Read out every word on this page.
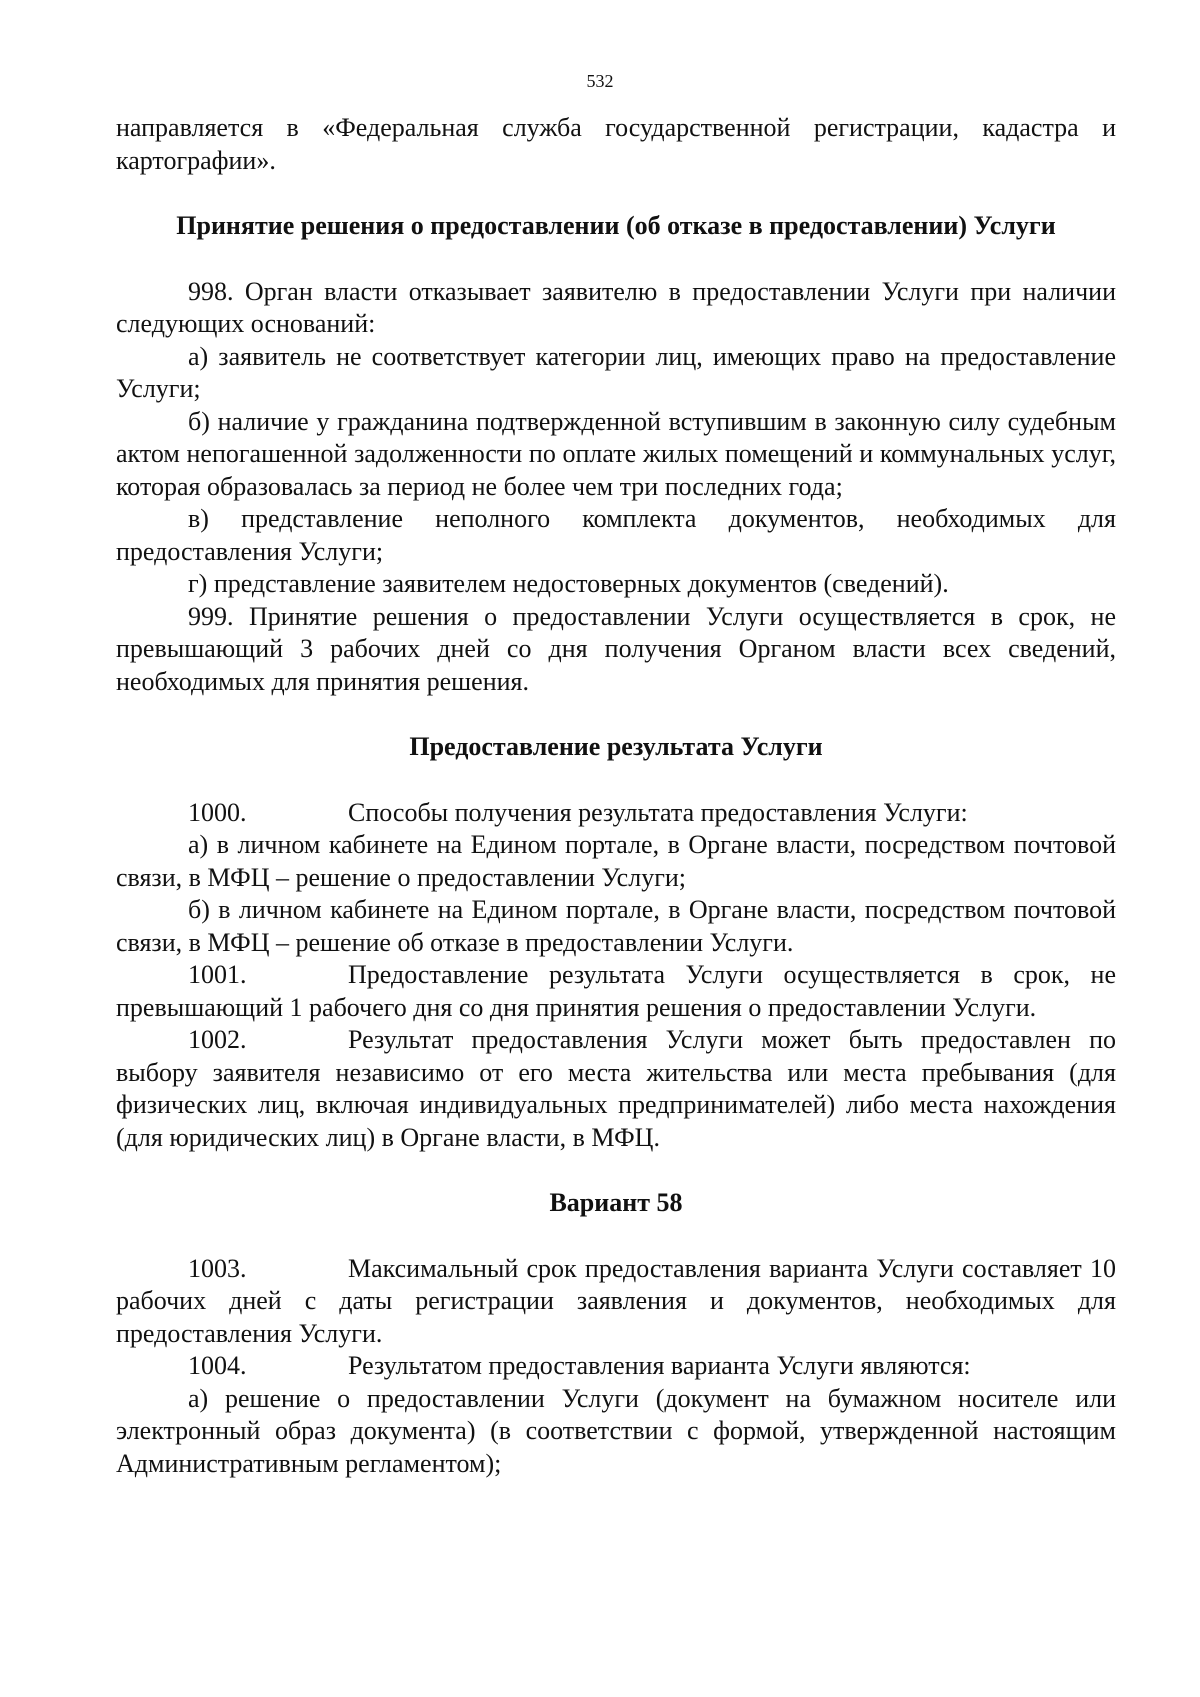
532

направляется в «Федеральная служба государственной регистрации, кадастра и картографии».

Принятие решения о предоставлении (об отказе в предоставлении) Услуги

998. Орган власти отказывает заявителю в предоставлении Услуги при наличии следующих оснований:

а) заявитель не соответствует категории лиц, имеющих право на предоставление Услуги;

б) наличие у гражданина подтвержденной вступившим в законную силу судебным актом непогашенной задолженности по оплате жилых помещений и коммунальных услуг, которая образовалась за период не более чем три последних года;

в) представление неполного комплекта документов, необходимых для предоставления Услуги;

г) представление заявителем недостоверных документов (сведений).

999. Принятие решения о предоставлении Услуги осуществляется в срок, не превышающий 3 рабочих дней со дня получения Органом власти всех сведений, необходимых для принятия решения.

Предоставление результата Услуги

1000.	Способы получения результата предоставления Услуги:

а) в личном кабинете на Едином портале, в Органе власти, посредством почтовой связи, в МФЦ – решение о предоставлении Услуги;

б) в личном кабинете на Едином портале, в Органе власти, посредством почтовой связи, в МФЦ – решение об отказе в предоставлении Услуги.

1001.	Предоставление результата Услуги осуществляется в срок, не превышающий 1 рабочего дня со дня принятия решения о предоставлении Услуги.

1002.	Результат предоставления Услуги может быть предоставлен по выбору заявителя независимо от его места жительства или места пребывания (для физических лиц, включая индивидуальных предпринимателей) либо места нахождения (для юридических лиц) в Органе власти, в МФЦ.

Вариант 58

1003.	Максимальный срок предоставления варианта Услуги составляет 10 рабочих дней с даты регистрации заявления и документов, необходимых для предоставления Услуги.

1004.	Результатом предоставления варианта Услуги являются:

а) решение о предоставлении Услуги (документ на бумажном носителе или электронный образ документа) (в соответствии с формой, утвержденной настоящим Административным регламентом);
